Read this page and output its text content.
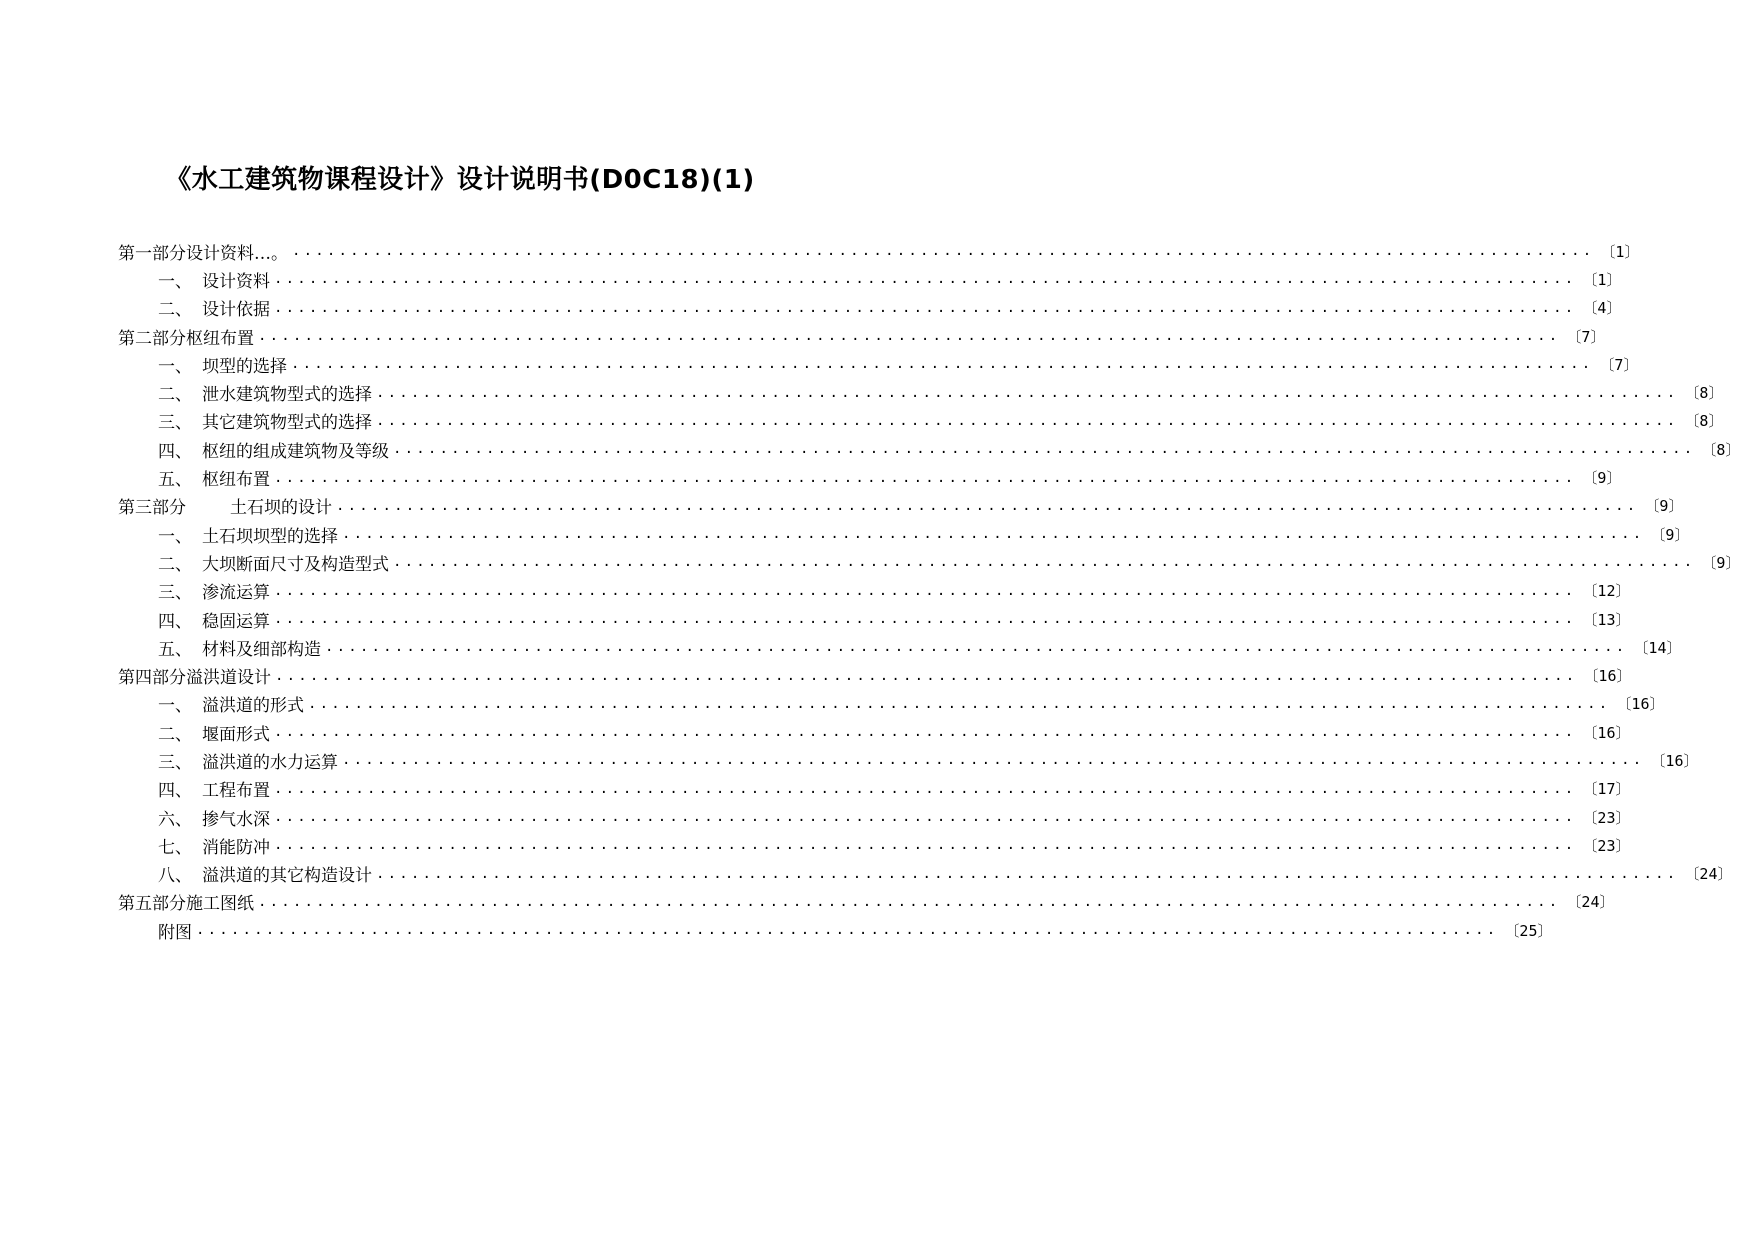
《水工建筑物课程设计》设计说明书(D0C18)(1)
第一部分设计资料…。 ................................................................................................................ 〔1〕
一、 设计资料 ................................................................................................................ 〔1〕
二、 设计依据 ................................................................................................................ 〔4〕
第二部分枢纽布置 ................................................................................................................ 〔7〕
一、 坝型的选择 ................................................................................................................ 〔7〕
二、 泄水建筑物型式的选择 ................................................................................................................ 〔8〕
三、 其它建筑物型式的选择 ................................................................................................................ 〔8〕
四、 枢纽的组成建筑物及等级 ................................................................................................................ 〔8〕
五、 枢纽布置 ................................................................................................................ 〔9〕
第三部分	土石坝的设计 ................................................................................................................ 〔9〕
一、 土石坝坝型的选择 ................................................................................................................ 〔9〕
二、 大坝断面尺寸及构造型式 ................................................................................................................ 〔9〕
三、 渗流运算 ................................................................................................................ 〔12〕
四、 稳固运算 ................................................................................................................ 〔13〕
五、 材料及细部构造 ................................................................................................................ 〔14〕
第四部分溢洪道设计 ................................................................................................................ 〔16〕
一、 溢洪道的形式 ................................................................................................................ 〔16〕
二、 堰面形式 ................................................................................................................ 〔16〕
三、 溢洪道的水力运算 ................................................................................................................ 〔16〕
四、 工程布置 ................................................................................................................ 〔17〕
六、 掺气水深 ................................................................................................................ 〔23〕
七、 消能防冲 ................................................................................................................ 〔23〕
八、 溢洪道的其它构造设计 ................................................................................................................ 〔24〕
第五部分施工图纸 ................................................................................................................ 〔24〕
附图 ................................................................................................................ 〔25〕
